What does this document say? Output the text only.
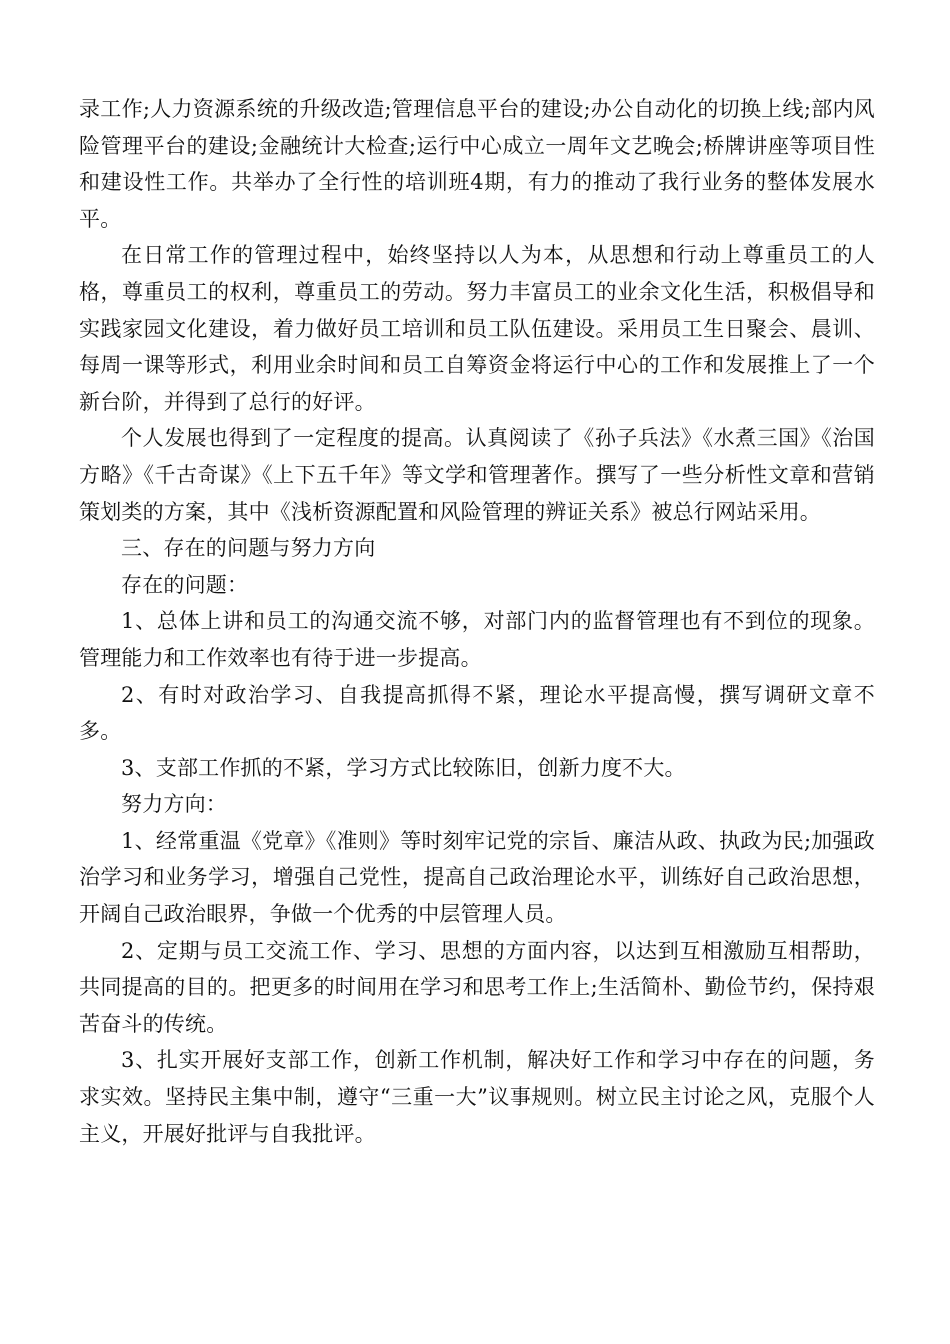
录工作;人力资源系统的升级改造;管理信息平台的建设;办公自动化的切换上线;部内风险管理平台的建设;金融统计大检查;运行中心成立一周年文艺晚会;桥牌讲座等项目性和建设性工作。共举办了全行性的培训班4期，有力的推动了我行业务的整体发展水平。

在日常工作的管理过程中，始终坚持以人为本，从思想和行动上尊重员工的人格，尊重员工的权利，尊重员工的劳动。努力丰富员工的业余文化生活，积极倡导和实践家园文化建设，着力做好员工培训和员工队伍建设。采用员工生日聚会、晨训、每周一课等形式，利用业余时间和员工自筹资金将运行中心的工作和发展推上了一个新台阶，并得到了总行的好评。

个人发展也得到了一定程度的提高。认真阅读了《孙子兵法》《水煮三国》《治国方略》《千古奇谋》《上下五千年》等文学和管理著作。撰写了一些分析性文章和营销策划类的方案，其中《浅析资源配置和风险管理的辨证关系》被总行网站采用。

三、存在的问题与努力方向

存在的问题：

1、总体上讲和员工的沟通交流不够，对部门内的监督管理也有不到位的现象。管理能力和工作效率也有待于进一步提高。

2、有时对政治学习、自我提高抓得不紧，理论水平提高慢，撰写调研文章不多。

3、支部工作抓的不紧，学习方式比较陈旧，创新力度不大。

努力方向：

1、经常重温《党章》《准则》等时刻牢记党的宗旨、廉洁从政、执政为民;加强政治学习和业务学习，增强自己党性，提高自己政治理论水平，训练好自己政治思想，开阔自己政治眼界，争做一个优秀的中层管理人员。

2、定期与员工交流工作、学习、思想的方面内容，以达到互相激励互相帮助，共同提高的目的。把更多的时间用在学习和思考工作上;生活简朴、勤俭节约，保持艰苦奋斗的传统。

3、扎实开展好支部工作，创新工作机制，解决好工作和学习中存在的问题，务求实效。坚持民主集中制，遵守“三重一大”议事规则。树立民主讨论之风，克服个人主义，开展好批评与自我批评。
